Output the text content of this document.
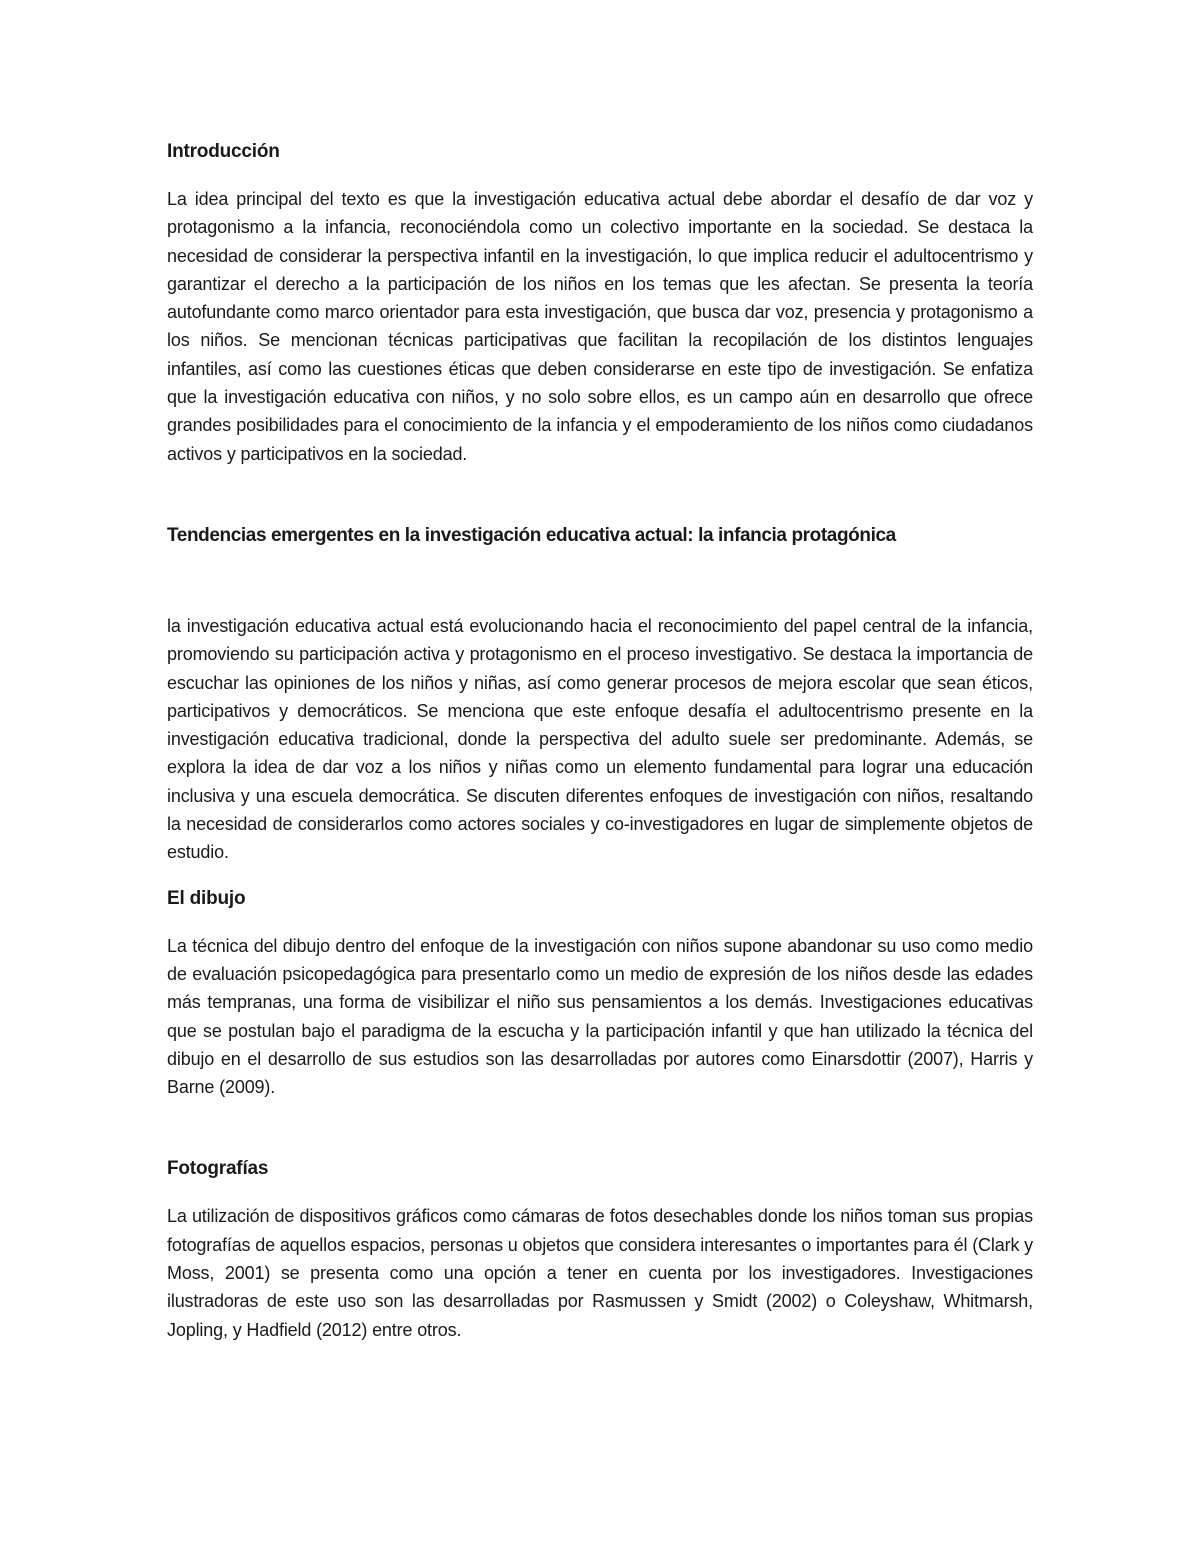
Introducción

La idea principal del texto es que la investigación educativa actual debe abordar el desafío de dar voz y protagonismo a la infancia, reconociéndola como un colectivo importante en la sociedad. Se destaca la necesidad de considerar la perspectiva infantil en la investigación, lo que implica reducir el adultocentrismo y garantizar el derecho a la participación de los niños en los temas que les afectan. Se presenta la teoría autofundante como marco orientador para esta investigación, que busca dar voz, presencia y protagonismo a los niños. Se mencionan técnicas participativas que facilitan la recopilación de los distintos lenguajes infantiles, así como las cuestiones éticas que deben considerarse en este tipo de investigación. Se enfatiza que la investigación educativa con niños, y no solo sobre ellos, es un campo aún en desarrollo que ofrece grandes posibilidades para el conocimiento de la infancia y el empoderamiento de los niños como ciudadanos activos y participativos en la sociedad.

Tendencias emergentes en la investigación educativa actual: la infancia protagónica

la investigación educativa actual está evolucionando hacia el reconocimiento del papel central de la infancia, promoviendo su participación activa y protagonismo en el proceso investigativo. Se destaca la importancia de escuchar las opiniones de los niños y niñas, así como generar procesos de mejora escolar que sean éticos, participativos y democráticos. Se menciona que este enfoque desafía el adultocentrismo presente en la investigación educativa tradicional, donde la perspectiva del adulto suele ser predominante. Además, se explora la idea de dar voz a los niños y niñas como un elemento fundamental para lograr una educación inclusiva y una escuela democrática. Se discuten diferentes enfoques de investigación con niños, resaltando la necesidad de considerarlos como actores sociales y co-investigadores en lugar de simplemente objetos de estudio.

El dibujo

La técnica del dibujo dentro del enfoque de la investigación con niños supone abandonar su uso como medio de evaluación psicopedagógica para presentarlo como un medio de expresión de los niños desde las edades más tempranas, una forma de visibilizar el niño sus pensamientos a los demás. Investigaciones educativas que se postulan bajo el paradigma de la escucha y la participación infantil y que han utilizado la técnica del dibujo en el desarrollo de sus estudios son las desarrolladas por autores como Einarsdottir (2007), Harris y Barne (2009).

Fotografías

La utilización de dispositivos gráficos como cámaras de fotos desechables donde los niños toman sus propias fotografías de aquellos espacios, personas u objetos que considera interesantes o importantes para él (Clark y Moss, 2001) se presenta como una opción a tener en cuenta por los investigadores. Investigaciones ilustradoras de este uso son las desarrolladas por Rasmussen y Smidt (2002) o Coleyshaw, Whitmarsh, Jopling, y Hadfield (2012) entre otros.
